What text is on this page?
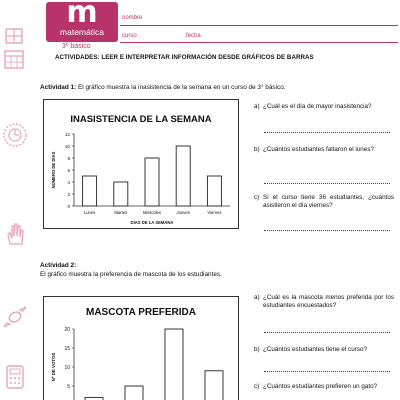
m
matemática
3º básico
nombre
curso	fecha
ACTIVIDADES: LEER E INTERPRETAR INFORMACIÓN DESDE GRÁFICOS DE BARRAS
Actividad 1: El gráfico muestra la inasistencia de la semana en un curso de 3° básico.
INASISTENCIA DE LA SEMANA
0
2
4
6
8
10
12
Lunes	Martes	Miércoles	Jueves	Viernes
NÚMERO DE DÍAS
DÍAS DE LA SEMANA
a) ¿Cuál es el día de mayor inasistencia?
b) ¿Cuántos estudiantes faltaron el lunes?
c) Si el curso tiene 36 estudiantes, ¿cuántos asistieron el día viernes?
Actividad 2:
El gráfico muestra la preferencia de mascota de los estudiantes.
MASCOTA PREFERIDA
5
10
15
20
Nº DE VOTOS
a) ¿Cuál es la mascota menos preferida por los estudiantes encuestados?
b) ¿Cuántos estudiantes tiene el curso?
c) ¿Cuántos estudiantes prefieren un gato?
